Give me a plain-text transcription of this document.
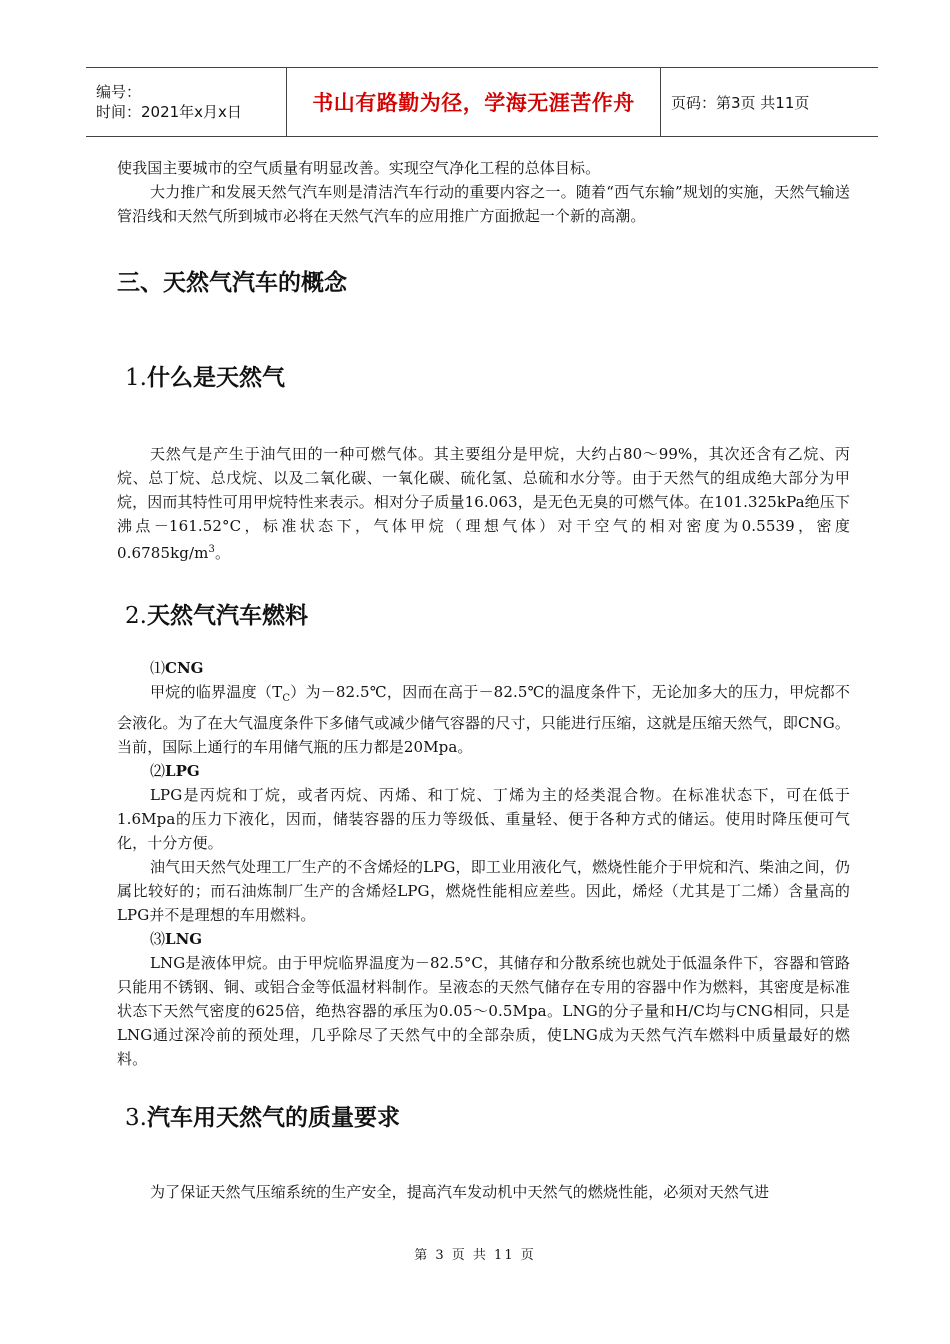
编号：
时间：2021年x月x日	书山有路勤为径，学海无涯苦作舟	页码：第3页 共11页

使我国主要城市的空气质量有明显改善。实现空气净化工程的总体目标。

大力推广和发展天然气汽车则是清洁汽车行动的重要内容之一。随着“西气东输”规划的实施，天然气输送管沿线和天然气所到城市必将在天然气汽车的应用推广方面掀起一个新的高潮。

三、天然气汽车的概念
1.什么是天然气

天然气是产生于油气田的一种可燃气体。其主要组分是甲烷，大约占80～99%，其次还含有乙烷、丙烷、总丁烷、总戊烷、以及二氧化碳、一氧化碳、硫化氢、总硫和水分等。由于天然气的组成绝大部分为甲烷，因而其特性可用甲烷特性来表示。相对分子质量16.063，是无色无臭的可燃气体。在101.325kPa绝压下沸点－161.52°C，标准状态下，气体甲烷（理想气体）对干空气的相对密度为0.5539，密度$0.6785kg/m^3$。

2.天然气汽车燃料

⑴CNG

甲烷的临界温度$(T_C)$为－82.5℃，因而在高于－82.5℃的温度条件下，无论加多大的压力，甲烷都不会液化。为了在大气温度条件下多储气或减少储气容器的尺寸，只能进行压缩，这就是压缩天然气，即CNG。当前，国际上通行的车用储气瓶的压力都是20Mpa。

⑵LPG

LPG是丙烷和丁烷，或者丙烷、丙烯、和丁烷、丁烯为主的烃类混合物。在标准状态下，可在低于1.6Mpa的压力下液化，因而，储装容器的压力等级低、重量轻、便于各种方式的储运。使用时降压便可气化，十分方便。

油气田天然气处理工厂生产的不含烯烃的LPG，即工业用液化气，燃烧性能介于甲烷和汽、柴油之间，仍属比较好的；而石油炼制厂生产的含烯烃LPG，燃烧性能相应差些。因此，烯烃（尤其是丁二烯）含量高的LPG并不是理想的车用燃料。

⑶LNG

LNG是液体甲烷。由于甲烷临界温度为－82.5°C，其储存和分散系统也就处于低温条件下，容器和管路只能用不锈钢、铜、或铝合金等低温材料制作。呈液态的天然气储存在专用的容器中作为燃料，其密度是标准状态下天然气密度的625倍，绝热容器的承压为0.05～0.5Mpa。LNG的分子量和H/C均与CNG相同，只是LNG通过深冷前的预处理，几乎除尽了天然气中的全部杂质，使LNG成为天然气汽车燃料中质量最好的燃料。

3.汽车用天然气的质量要求

为了保证天然气压缩系统的生产安全，提高汽车发动机中天然气的燃烧性能，必须对天然气进

第 3 页 共 11 页
